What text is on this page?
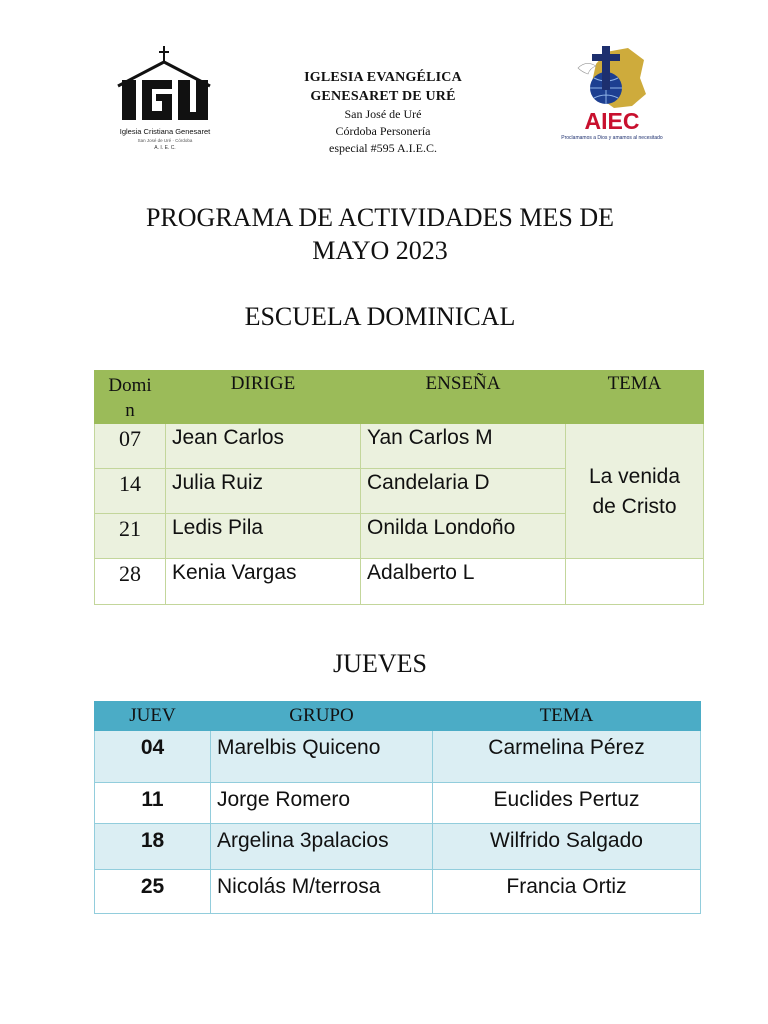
Iglesia Cristiana Genesaret
San José de Uré · Córdoba
A. I. E. C.
IGLESIA EVANGÉLICA
GENESARET DE URÉ
San José de Uré
Córdoba Personería
especial #595 A.I.E.C.
AIEC
Proclamamos a Dios y amamos al necesitado
PROGRAMA DE ACTIVIDADES MES DE
MAYO 2023
ESCUELA DOMINICAL
Domi
n	DIRIGE	ENSEÑA	TEMA
07	Jean Carlos	Yan Carlos M	La venida
de Cristo

14	Julia Ruiz	Candelaria D	
21	Ledis Pila	Onilda Londoño	
28	Kenia Vargas	Adalberto L	
JUEVES
JUEV	GRUPO	TEMA
04	Marelbis Quiceno	Carmelina Pérez
11	Jorge Romero	Euclides Pertuz
18	Argelina 3palacios	Wilfrido Salgado
25	Nicolás M/terrosa	Francia Ortiz
